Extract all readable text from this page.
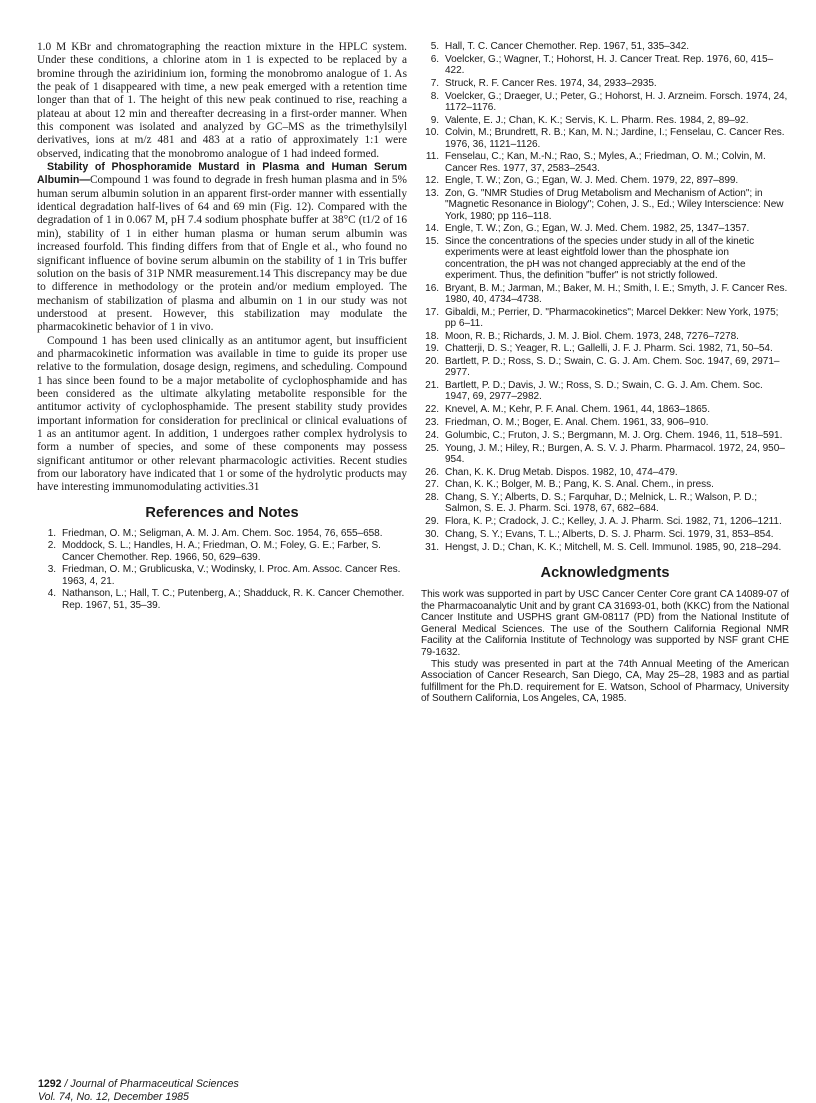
1.0 M KBr and chromatographing the reaction mixture in the HPLC system. Under these conditions, a chlorine atom in 1 is expected to be replaced by a bromine through the aziridinium ion, forming the monobromo analogue of 1. As the peak of 1 disappeared with time, a new peak emerged with a retention time longer than that of 1. The height of this new peak continued to rise, reaching a plateau at about 12 min and thereafter decreasing in a first-order manner. When this component was isolated and analyzed by GC–MS as the trimethylsilyl derivatives, ions at m/z 481 and 483 at a ratio of approximately 1:1 were observed, indicating that the monobromo analogue of 1 had indeed formed.

Stability of Phosphoramide Mustard in Plasma and Human Serum Albumin—Compound 1 was found to degrade in fresh human plasma and in 5% human serum albumin solution in an apparent first-order manner with essentially identical degradation half-lives of 64 and 69 min (Fig. 12). Compared with the degradation of 1 in 0.067 M, pH 7.4 sodium phosphate buffer at 38°C (t1/2 of 16 min), stability of 1 in either human plasma or human serum albumin was increased fourfold. This finding differs from that of Engle et al., who found no significant influence of bovine serum albumin on the stability of 1 in Tris buffer solution on the basis of 31P NMR measurement.14 This discrepancy may be due to difference in methodology or the protein and/or medium employed. The mechanism of stabilization of plasma and albumin on 1 in our study was not understood at present. However, this stabilization may modulate the pharmacokinetic behavior of 1 in vivo.

Compound 1 has been used clinically as an antitumor agent, but insufficient and pharmacokinetic information was available in time to guide its proper use relative to the formulation, dosage design, regimens, and scheduling. Compound 1 has since been found to be a major metabolite of cyclophosphamide and has been considered as the ultimate alkylating metabolite responsible for the antitumor activity of cyclophosphamide. The present stability study provides important information for consideration for preclinical or clinical evaluations of 1 as an antitumor agent. In addition, 1 undergoes rather complex hydrolysis to form a number of species, and some of these components may possess significant antitumor or other relevant pharmacologic activities. Recent studies from our laboratory have indicated that 1 or some of the hydrolytic products may have interesting immunomodulating activities.31

References and Notes
1. Friedman, O. M.; Seligman, A. M. J. Am. Chem. Soc. 1954, 76, 655–658.
2. Moddock, S. L.; Handles, H. A.; Friedman, O. M.; Foley, G. E.; Farber, S. Cancer Chemother. Rep. 1966, 50, 629–639.
3. Friedman, O. M.; Grublicuska, V.; Wodinsky, I. Proc. Am. Assoc. Cancer Res. 1963, 4, 21.
4. Nathanson, L.; Hall, T. C.; Putenberg, A.; Shadduck, R. K. Cancer Chemother. Rep. 1967, 51, 35–39.
5. Hall, T. C. Cancer Chemother. Rep. 1967, 51, 335–342.
6. Voelcker, G.; Wagner, T.; Hohorst, H. J. Cancer Treat. Rep. 1976, 60, 415–422.
7. Struck, R. F. Cancer Res. 1974, 34, 2933–2935.
8. Voelcker, G.; Draeger, U.; Peter, G.; Hohorst, H. J. Arzneim. Forsch. 1974, 24, 1172–1176.
9. Valente, E. J.; Chan, K. K.; Servis, K. L. Pharm. Res. 1984, 2, 89–92.
10. Colvin, M.; Brundrett, R. B.; Kan, M. N.; Jardine, I.; Fenselau, C. Cancer Res. 1976, 36, 1121–1126.
11. Fenselau, C.; Kan, M.-N.; Rao, S.; Myles, A.; Friedman, O. M.; Colvin, M. Cancer Res. 1977, 37, 2583–2543.
12. Engle, T. W.; Zon, G.; Egan, W. J. Med. Chem. 1979, 22, 897–899.
13. Zon, G. "NMR Studies of Drug Metabolism and Mechanism of Action"; in "Magnetic Resonance in Biology"; Cohen, J. S., Ed.; Wiley Interscience: New York, 1980; pp 116–118.
14. Engle, T. W.; Zon, G.; Egan, W. J. Med. Chem. 1982, 25, 1347–1357.
15. Since the concentrations of the species under study in all of the kinetic experiments were at least eightfold lower than the phosphate ion concentration, the pH was not changed appreciably at the end of the experiment. Thus, the definition "buffer" is not strictly followed.
16. Bryant, B. M.; Jarman, M.; Baker, M. H.; Smith, I. E.; Smyth, J. F. Cancer Res. 1980, 40, 4734–4738.
17. Gibaldi, M.; Perrier, D. "Pharmacokinetics"; Marcel Dekker: New York, 1975; pp 6–11.
18. Moon, R. B.; Richards, J. M. J. Biol. Chem. 1973, 248, 7276–7278.
19. Chatterji, D. S.; Yeager, R. L.; Gallelli, J. F. J. Pharm. Sci. 1982, 71, 50–54.
20. Bartlett, P. D.; Ross, S. D.; Swain, C. G. J. Am. Chem. Soc. 1947, 69, 2971–2977.
21. Bartlett, P. D.; Davis, J. W.; Ross, S. D.; Swain, C. G. J. Am. Chem. Soc. 1947, 69, 2977–2982.
22. Knevel, A. M.; Kehr, P. F. Anal. Chem. 1961, 44, 1863–1865.
23. Friedman, O. M.; Boger, E. Anal. Chem. 1961, 33, 906–910.
24. Golumbic, C.; Fruton, J. S.; Bergmann, M. J. Org. Chem. 1946, 11, 518–591.
25. Young, J. M.; Hiley, R.; Burgen, A. S. V. J. Pharm. Pharmacol. 1972, 24, 950–954.
26. Chan, K. K. Drug Metab. Dispos. 1982, 10, 474–479.
27. Chan, K. K.; Bolger, M. B.; Pang, K. S. Anal. Chem., in press.
28. Chang, S. Y.; Alberts, D. S.; Farquhar, D.; Melnick, L. R.; Walson, P. D.; Salmon, S. E. J. Pharm. Sci. 1978, 67, 682–684.
29. Flora, K. P.; Cradock, J. C.; Kelley, J. A. J. Pharm. Sci. 1982, 71, 1206–1211.
30. Chang, S. Y.; Evans, T. L.; Alberts, D. S. J. Pharm. Sci. 1979, 31, 853–854.
31. Hengst, J. D.; Chan, K. K.; Mitchell, M. S. Cell. Immunol. 1985, 90, 218–294.
Acknowledgments

This work was supported in part by USC Cancer Center Core grant CA 14089-07 of the Pharmacoanalytic Unit and by grant CA 31693-01, both (KKC) from the National Cancer Institute and USPHS grant GM-08117 (PD) from the National Institute of General Medical Sciences. The use of the Southern California Regional NMR Facility at the California Institute of Technology was supported by NSF grant CHE 79-1632.

This study was presented in part at the 74th Annual Meeting of the American Association of Cancer Research, San Diego, CA, May 25–28, 1983 and as partial fulfillment for the Ph.D. requirement for E. Watson, School of Pharmacy, University of Southern California, Los Angeles, CA, 1985.

1292 / Journal of Pharmaceutical Sciences
Vol. 74, No. 12, December 1985
